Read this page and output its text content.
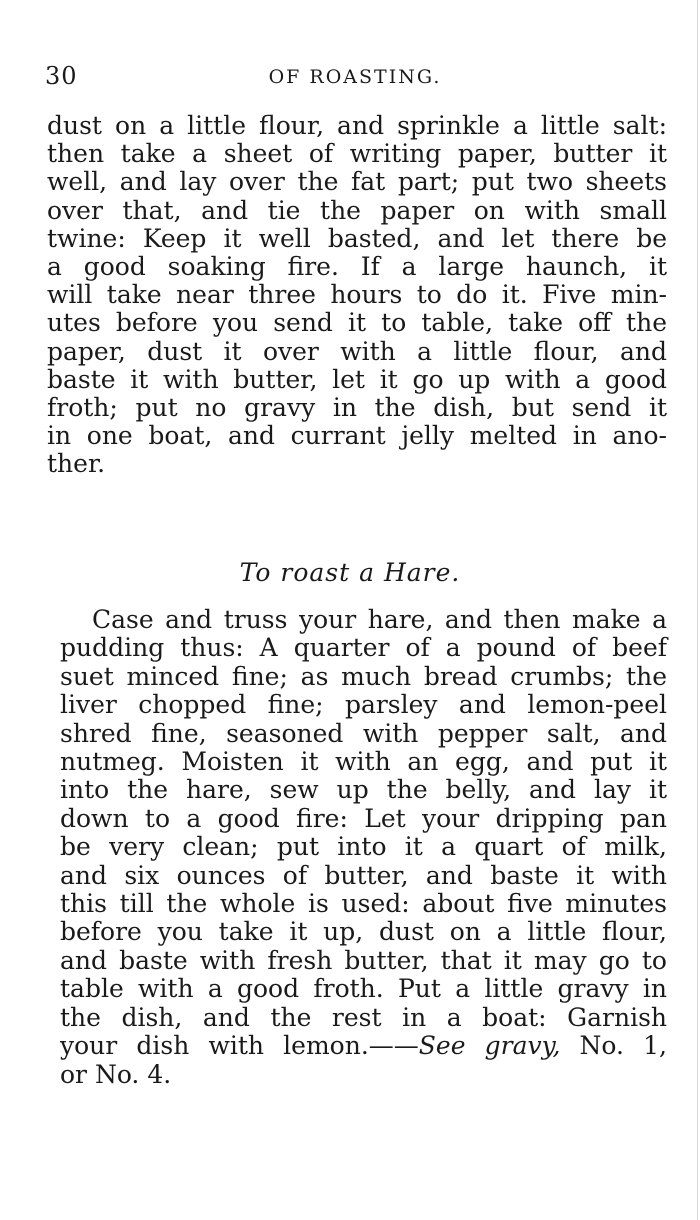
30	OF ROASTING.
dust on a little flour, and sprinkle a little salt:
then take a sheet of writing paper, butter it
well, and lay over the fat part; put two sheets
over that, and tie the paper on with small
twine: Keep it well basted, and let there be
a good soaking fire. If a large haunch, it
will take near three hours to do it. Five min-
utes before you send it to table, take off the
paper, dust it over with a little flour, and
baste it with butter, let it go up with a good
froth; put no gravy in the dish, but send it
in one boat, and currant jelly melted in ano-
ther.
To roast a Hare.
Case and truss your hare, and then make a
pudding thus: A quarter of a pound of beef
suet minced fine; as much bread crumbs; the
liver chopped fine; parsley and lemon-peel
shred fine, seasoned with pepper salt, and
nutmeg. Moisten it with an egg, and put it
into the hare, sew up the belly, and lay it
down to a good fire: Let your dripping pan
be very clean; put into it a quart of milk,
and six ounces of butter, and baste it with
this till the whole is used: about five minutes
before you take it up, dust on a little flour,
and baste with fresh butter, that it may go to
table with a good froth. Put a little gravy in
the dish, and the rest in a boat: Garnish
your dish with lemon.——See gravy, No. 1,
or No. 4.
